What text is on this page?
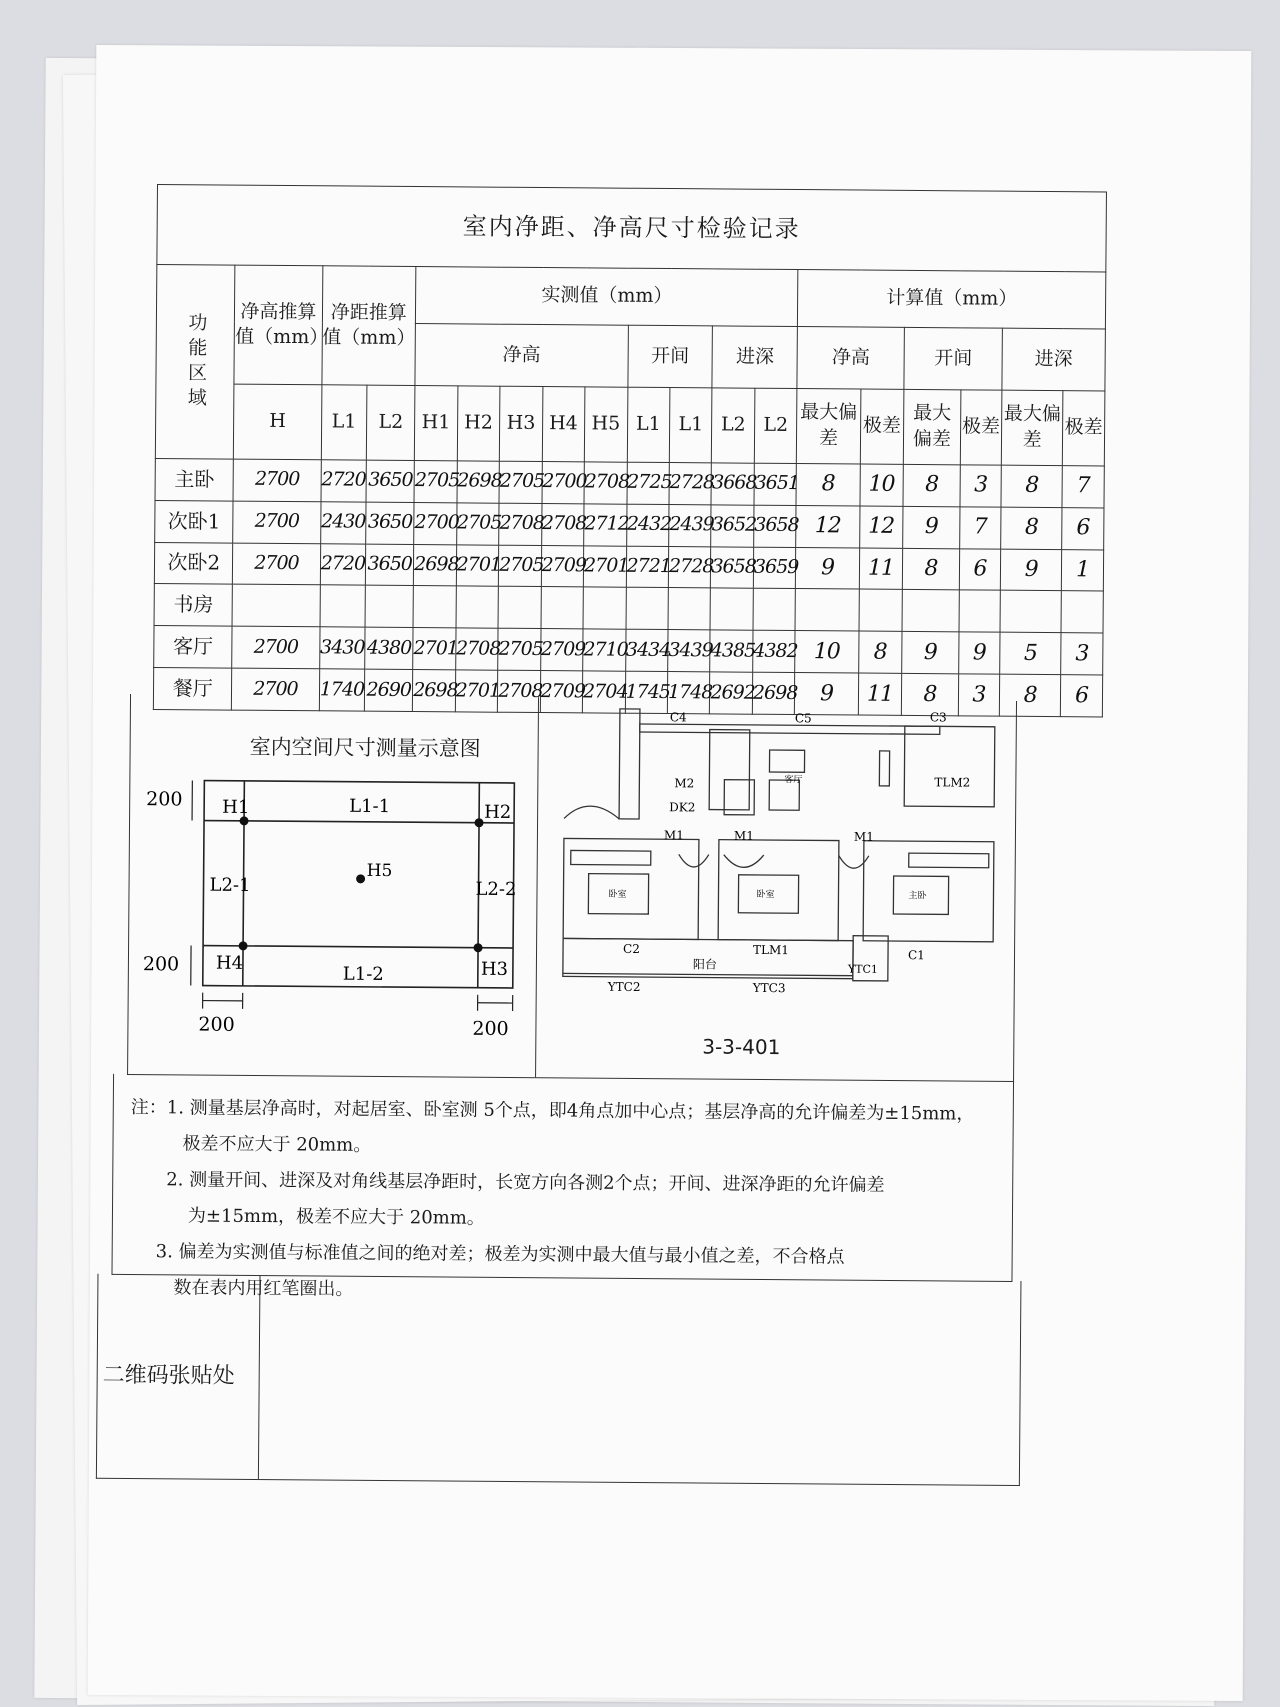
室内净距、净高尺寸检验记录																		
功能区域	净高推算值（mm）	净距推算值（mm）		实测值（mm）									计算值（mm）					
				净高					开间		进深		净高		开间		进深	
	H	L1	L2	H1	H2	H3	H4	H5	L1	L1	L2	L2	最大偏差	极差	最大偏差	极差	最大偏差	极差
主卧	2700	2720	3650	2705	2698	2705	2700	2708	2725	2728	3668	3651	8	10	8	3	8	7
次卧1	2700	2430	3650	2700	2705	2708	2708	2712	2432	2439	3652	3658	12	12	9	7	8	6
次卧2	2700	2720	3650	2698	2701	2705	2709	2701	2721	2728	3658	3659	9	11	8	6	9	1
书房																		
客厅	2700	3430	4380	2701	2708	2705	2709	2710	3434	3439	4385	4382	10	8	9	9	5	3
餐厅	2700	1740	2690	2698	2701	2708	2709	2704	1745	1748	2692	2698	9	11	8	3	8	6
室内空间尺寸测量示意图
H1	H2
H3
H4
H5
L1-1
L1-2
L2-1	L2-2
200
200
200	200
C4	C5	C3
TLM2
M2
DK2
M1	M1	M1
客厅
卧室	卧室	主卧
C2	TLM1
YTC1
C1
阳台
YTC2	YTC3
3-3-401

注：1. 测量基层净高时，对起居室、卧室测 5个点，即4角点加中心点；基层净高的允许偏差为±15mm，

极差不应大于 20mm。

2. 测量开间、进深及对角线基层净距时，长宽方向各测2个点；开间、进深净距的允许偏差

为±15mm，极差不应大于 20mm。

3. 偏差为实测值与标准值之间的绝对差；极差为实测中最大值与最小值之差，不合格点

数在表内用红笔圈出。

二维码张贴处
